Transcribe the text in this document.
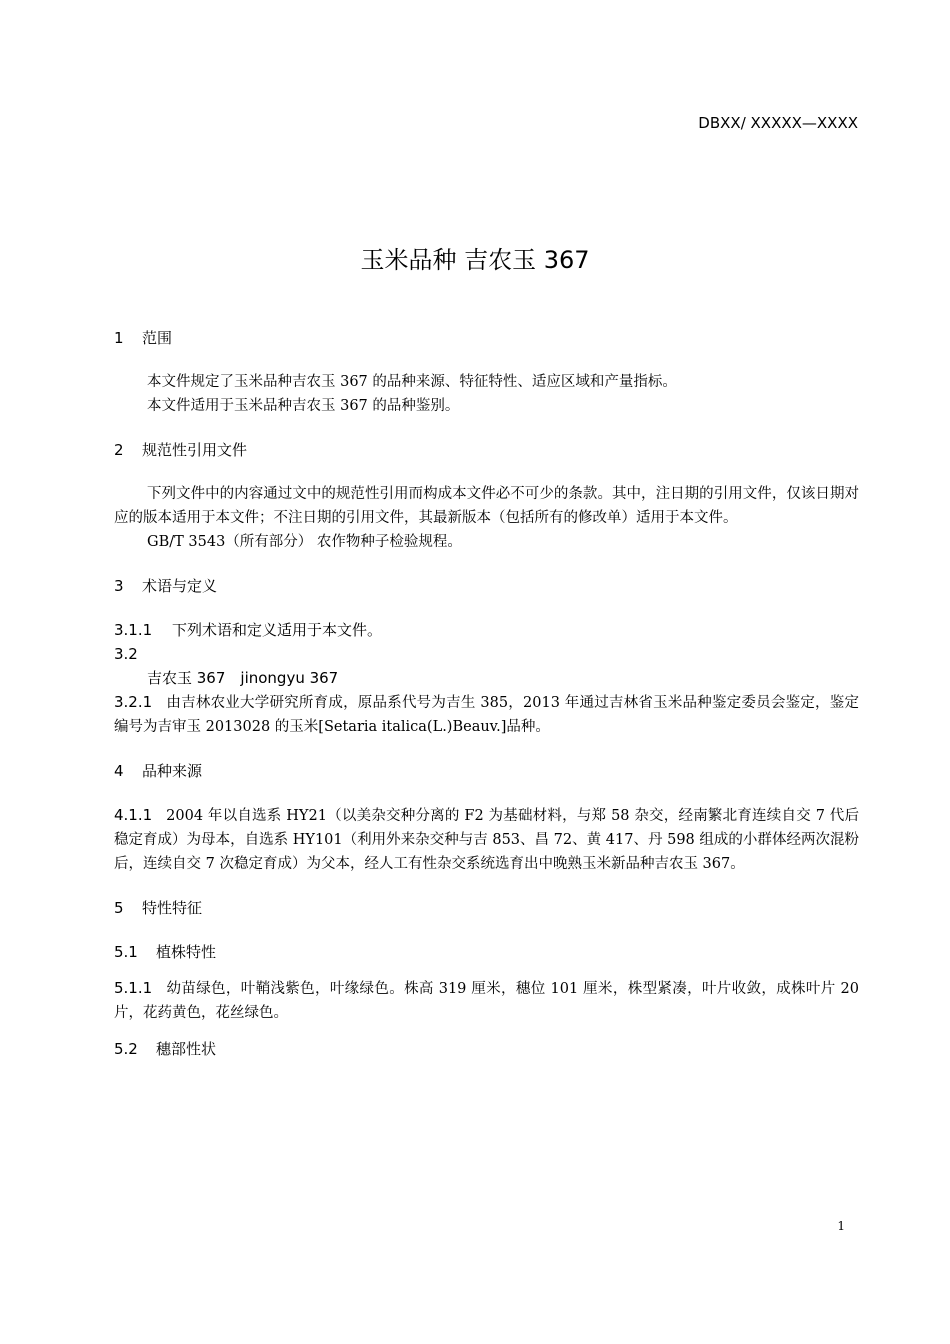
DBXX/ XXXXX—XXXX
玉米品种 吉农玉 367
1 范围
本文件规定了玉米品种吉农玉 367 的品种来源、特征特性、适应区域和产量指标。
本文件适用于玉米品种吉农玉 367 的品种鉴别。
2 规范性引用文件
下列文件中的内容通过文中的规范性引用而构成本文件必不可少的条款。其中，注日期的引用文件，仅该日期对应的版本适用于本文件；不注日期的引用文件，其最新版本（包括所有的修改单）适用于本文件。
GB/T 3543（所有部分） 农作物种子检验规程。
3 术语与定义
3.1.1 下列术语和定义适用于本文件。
3.2
吉农玉 367　jinongyu 367
3.2.1 由吉林农业大学研究所育成，原品系代号为吉生 385，2013 年通过吉林省玉米品种鉴定委员会鉴定，鉴定编号为吉审玉 2013028 的玉米[Setaria italica(L.)Beauv.]品种。
4 品种来源
4.1.1 2004 年以自选系 HY21（以美杂交种分离的 F2 为基础材料，与郑 58 杂交，经南繁北育连续自交 7 代后稳定育成）为母本，自选系 HY101（利用外来杂交种与吉 853、昌 72、黄 417、丹 598 组成的小群体经两次混粉后，连续自交 7 次稳定育成）为父本，经人工有性杂交系统选育出中晚熟玉米新品种吉农玉 367。
5 特性特征
5.1 植株特性
5.1.1 幼苗绿色，叶鞘浅紫色，叶缘绿色。株高 319 厘米，穗位 101 厘米，株型紧凑，叶片收敛，成株叶片 20 片，花药黄色，花丝绿色。
5.2 穗部性状
1
